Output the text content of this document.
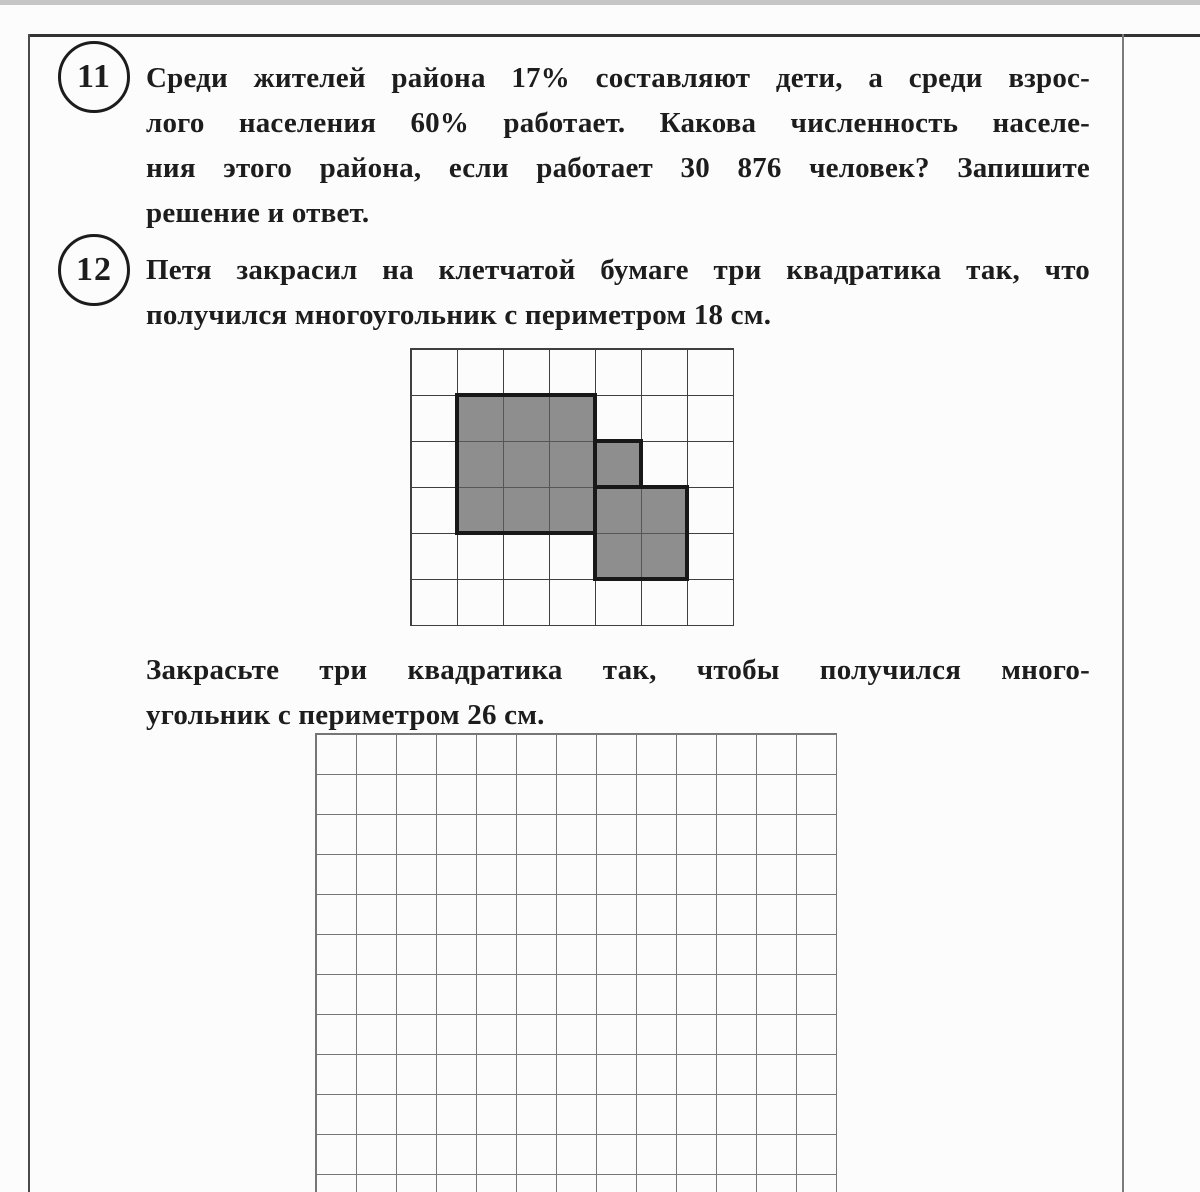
11 Среди жителей района 17% составляют дети, а среди взрос-
лого населения 60% работает. Какова численность населе-
ния этого района, если работает 30 876 человек? Запишите
решение и ответ.
12 Петя закрасил на клетчатой бумаге три квадратика так, что
получился многоугольник с периметром 18 см.
Закрасьте три квадратика так, чтобы получился много-
угольник с периметром 26 см.
